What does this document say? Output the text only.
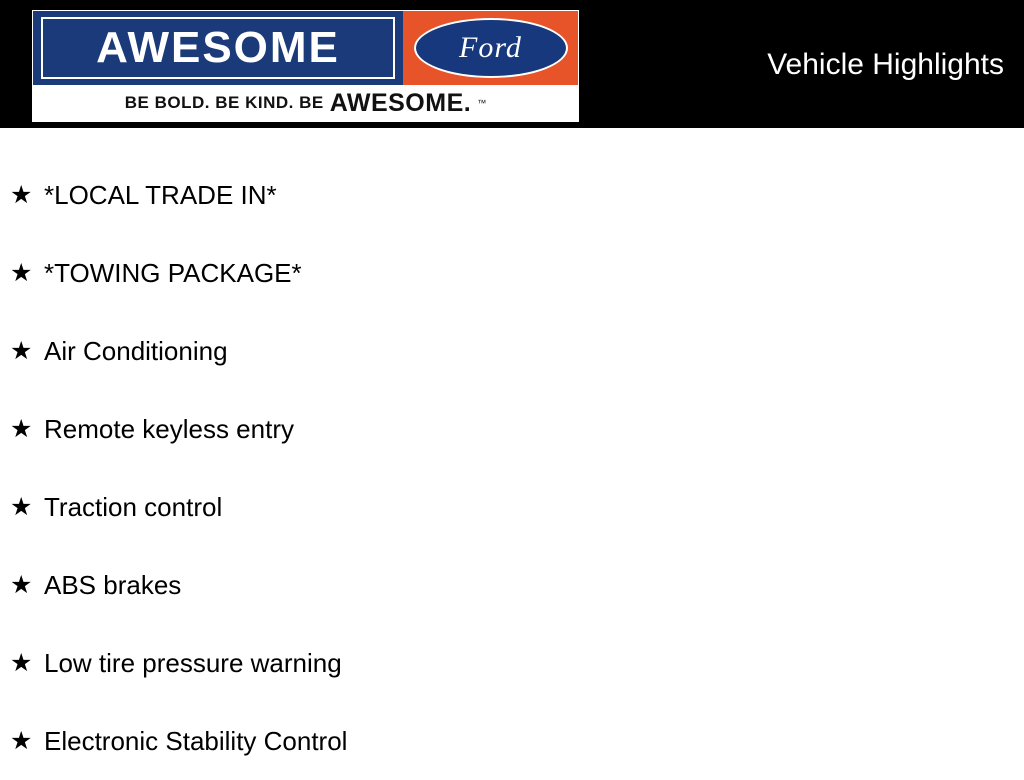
AWESOME	Ford
BE BOLD. BE KIND. BE AWESOME. ™
Vehicle Highlights
★ *LOCAL TRADE IN*
★ *TOWING PACKAGE*
★ Air Conditioning
★ Remote keyless entry
★ Traction control
★ ABS brakes
★ Low tire pressure warning
★ Electronic Stability Control
